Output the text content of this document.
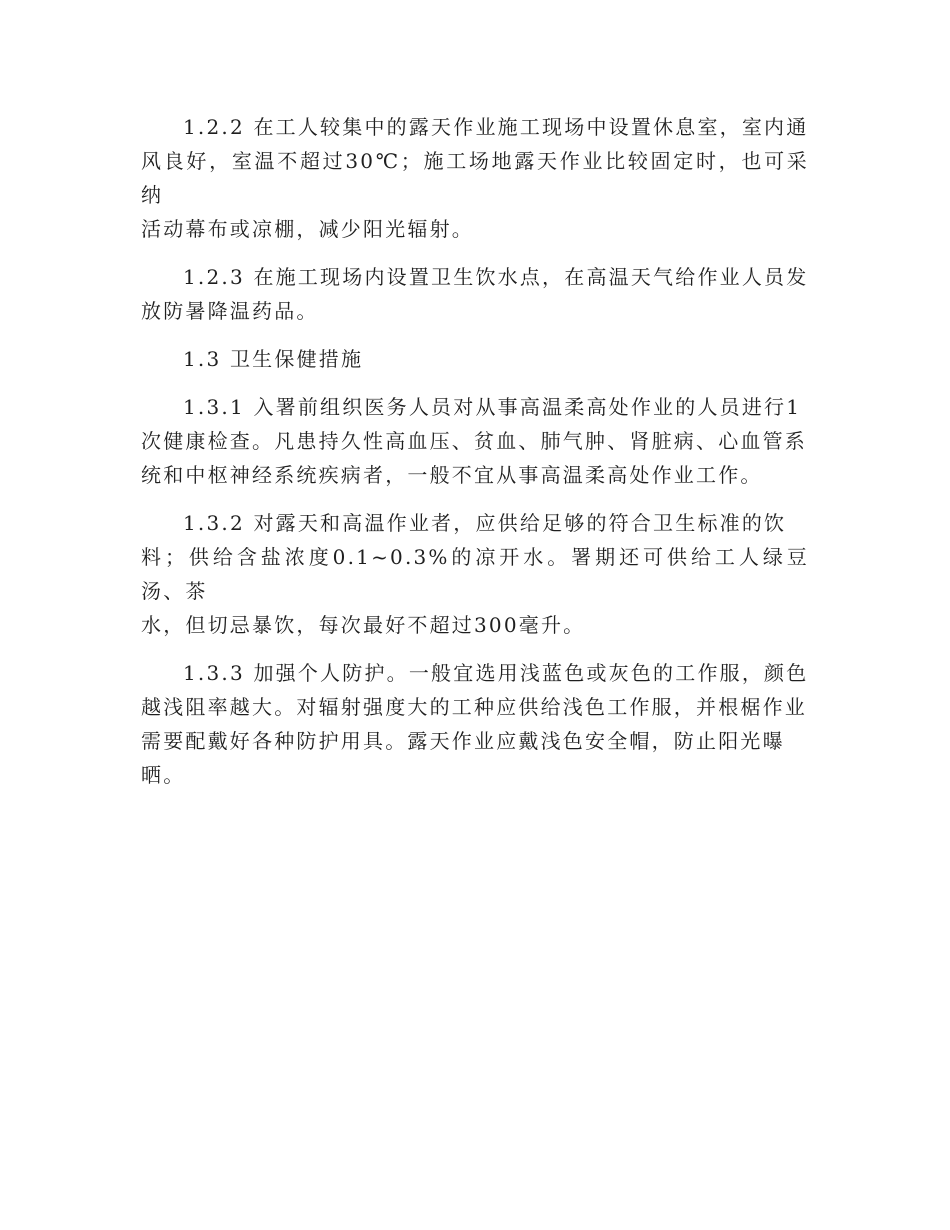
1.2.2 在工人较集中的露天作业施工现场中设置休息室，室内通
风良好，室温不超过30℃；施工场地露天作业比较固定时，也可采纳
活动幕布或凉棚，减少阳光辐射。

1.2.3 在施工现场内设置卫生饮水点，在高温天气给作业人员发
放防暑降温药品。

1.3 卫生保健措施

1.3.1 入署前组织医务人员对从事高温柔高处作业的人员进行1
次健康检查。凡患持久性高血压、贫血、肺气肿、肾脏病、心血管系
统和中枢神经系统疾病者，一般不宜从事高温柔高处作业工作。

1.3.2 对露天和高温作业者，应供给足够的符合卫生标准的饮
料；供给含盐浓度0.1~0.3%的凉开水。署期还可供给工人绿豆汤、茶
水，但切忌暴饮，每次最好不超过300毫升。

1.3.3 加强个人防护。一般宜选用浅蓝色或灰色的工作服，颜色
越浅阻率越大。对辐射强度大的工种应供给浅色工作服，并根椐作业
需要配戴好各种防护用具。露天作业应戴浅色安全帽，防止阳光曝
晒。
